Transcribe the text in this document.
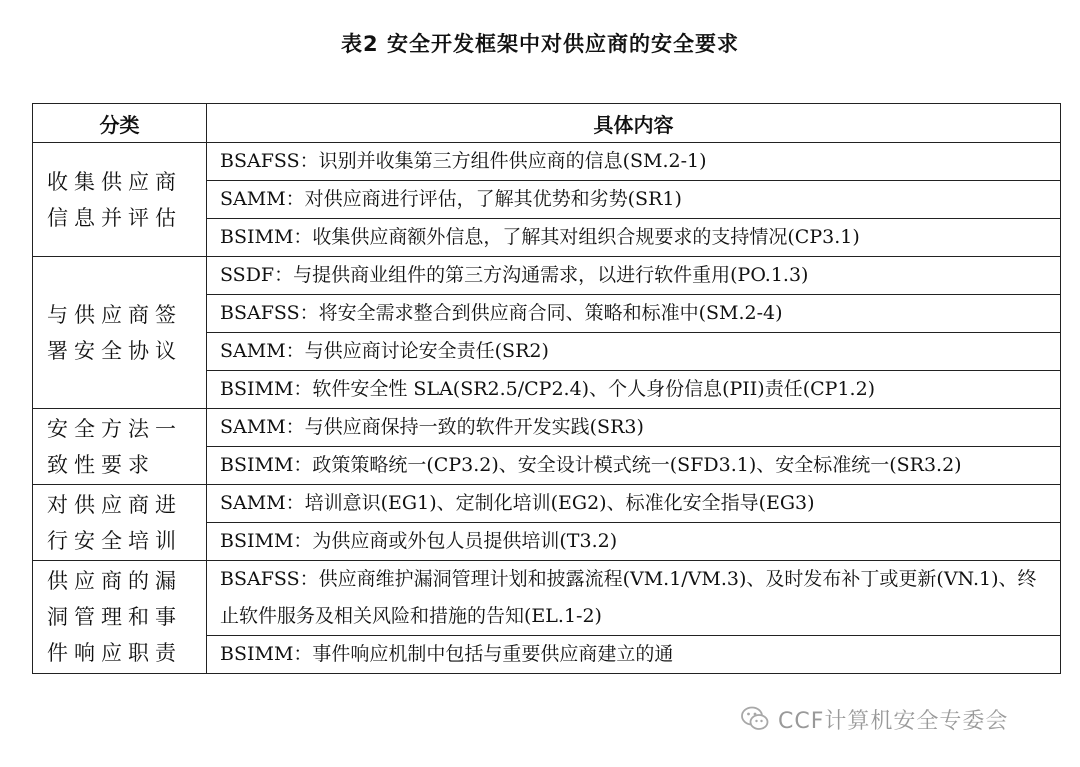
表2 安全开发框架中对供应商的安全要求
分类	具体内容
收集供应商信息并评估	BSAFSS：识别并收集第三方组件供应商的信息(SM.2-1)
	SAMM：对供应商进行评估，了解其优势和劣势(SR1)
	BSIMM：收集供应商额外信息，了解其对组织合规要求的支持情况(CP3.1)
与供应商签署安全协议	SSDF：与提供商业组件的第三方沟通需求，以进行软件重用(PO.1.3)
	BSAFSS：将安全需求整合到供应商合同、策略和标准中(SM.2-4)
	SAMM：与供应商讨论安全责任(SR2)
	BSIMM：软件安全性 SLA(SR2.5/CP2.4)、个人身份信息(PII)责任(CP1.2)
安全方法一致性要求	SAMM：与供应商保持一致的软件开发实践(SR3)
	BSIMM：政策策略统一(CP3.2)、安全设计模式统一(SFD3.1)、安全标准统一(SR3.2)
对供应商进行安全培训	SAMM：培训意识(EG1)、定制化培训(EG2)、标准化安全指导(EG3)
	BSIMM：为供应商或外包人员提供培训(T3.2)
供应商的漏洞管理和事件响应职责	BSAFSS：供应商维护漏洞管理计划和披露流程(VM.1/VM.3)、及时发布补丁或更新(VN.1)、终止软件服务及相关风险和措施的告知(EL.1-2)
	BSIMM：事件响应机制中包括与重要供应商建立的通
CCF计算机安全专委会
